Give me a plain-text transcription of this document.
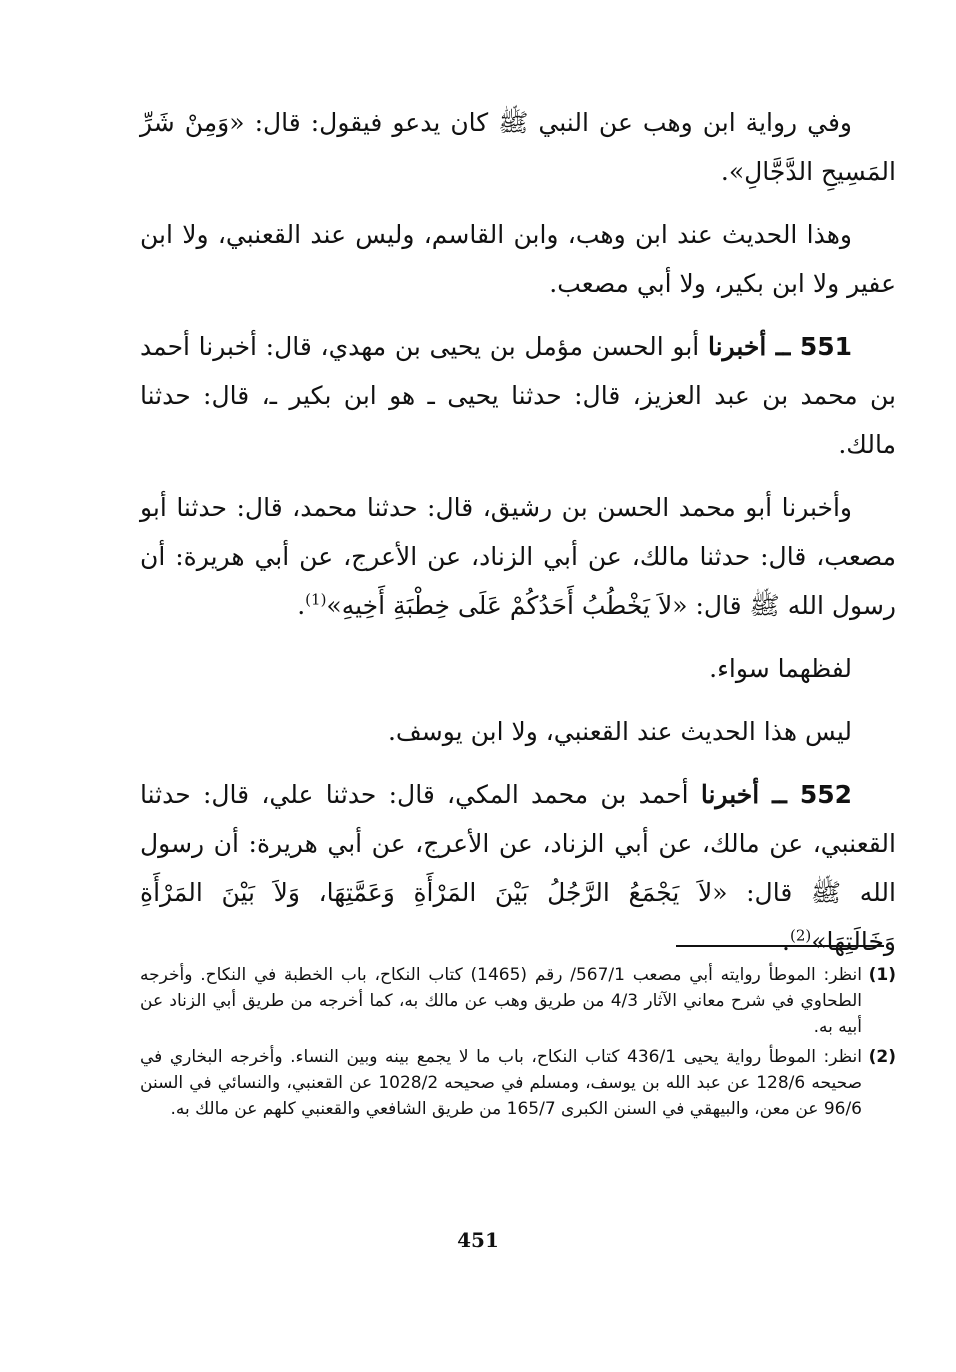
وفي رواية ابن وهب عن النبي ﷺ كان يدعو فيقول: قال: «وَمِنْ شَرِّ المَسِيحِ الدَّجَّالِ».

وهذا الحديث عند ابن وهب، وابن القاسم، وليس عند القعنبي، ولا ابن عفير ولا ابن بكير، ولا أبي مصعب.

551 ــ أخبرنا أبو الحسن مؤمل بن يحيى بن مهدي، قال: أخبرنا أحمد بن محمد بن عبد العزيز، قال: حدثنا يحيى ـ هو ابن بكير ـ، قال: حدثنا مالك.

وأخبرنا أبو محمد الحسن بن رشيق، قال: حدثنا محمد، قال: حدثنا أبو مصعب، قال: حدثنا مالك، عن أبي الزناد، عن الأعرج، عن أبي هريرة: أن رسول الله ﷺ قال: «لاَ يَخْطُبُ أَحَدُكُمْ عَلَى خِطْبَةِ أَخِيهِ»$^{(1)}$.

لفظهما سواء.

ليس هذا الحديث عند القعنبي، ولا ابن يوسف.

552 ــ أخبرنا أحمد بن محمد المكي، قال: حدثنا علي، قال: حدثنا القعنبي، عن مالك، عن أبي الزناد، عن الأعرج، عن أبي هريرة: أن رسول الله ﷺ قال: «لاَ يَجْمَعُ الرَّجُلُ بَيْنَ المَرْأَةِ وَعَمَّتِهَا، وَلاَ بَيْنَ المَرْأَةِ وَخَالَتِهَا»$^{(2)}$.

(1)
انظر: الموطأ روايته أبي مصعب 567/1/ رقم (1465) كتاب النكاح، باب الخطبة في النكاح. وأخرجه الطحاوي في شرح معاني الآثار 4/3 من طريق وهب عن مالك به، كما أخرجه من طريق أبي الزناد عن أبيه به.

(2)
انظر: الموطأ رواية يحيى 436/1 كتاب النكاح، باب ما لا يجمع بينه وبين النساء. وأخرجه البخاري في صحيحه 128/6 عن عبد الله بن يوسف، ومسلم في صحيحه 1028/2 عن القعنبي، والنسائي في السنن 96/6 عن معن، والبيهقي في السنن الكبرى 165/7 من طريق الشافعي والقعنبي كلهم عن مالك به.

451
